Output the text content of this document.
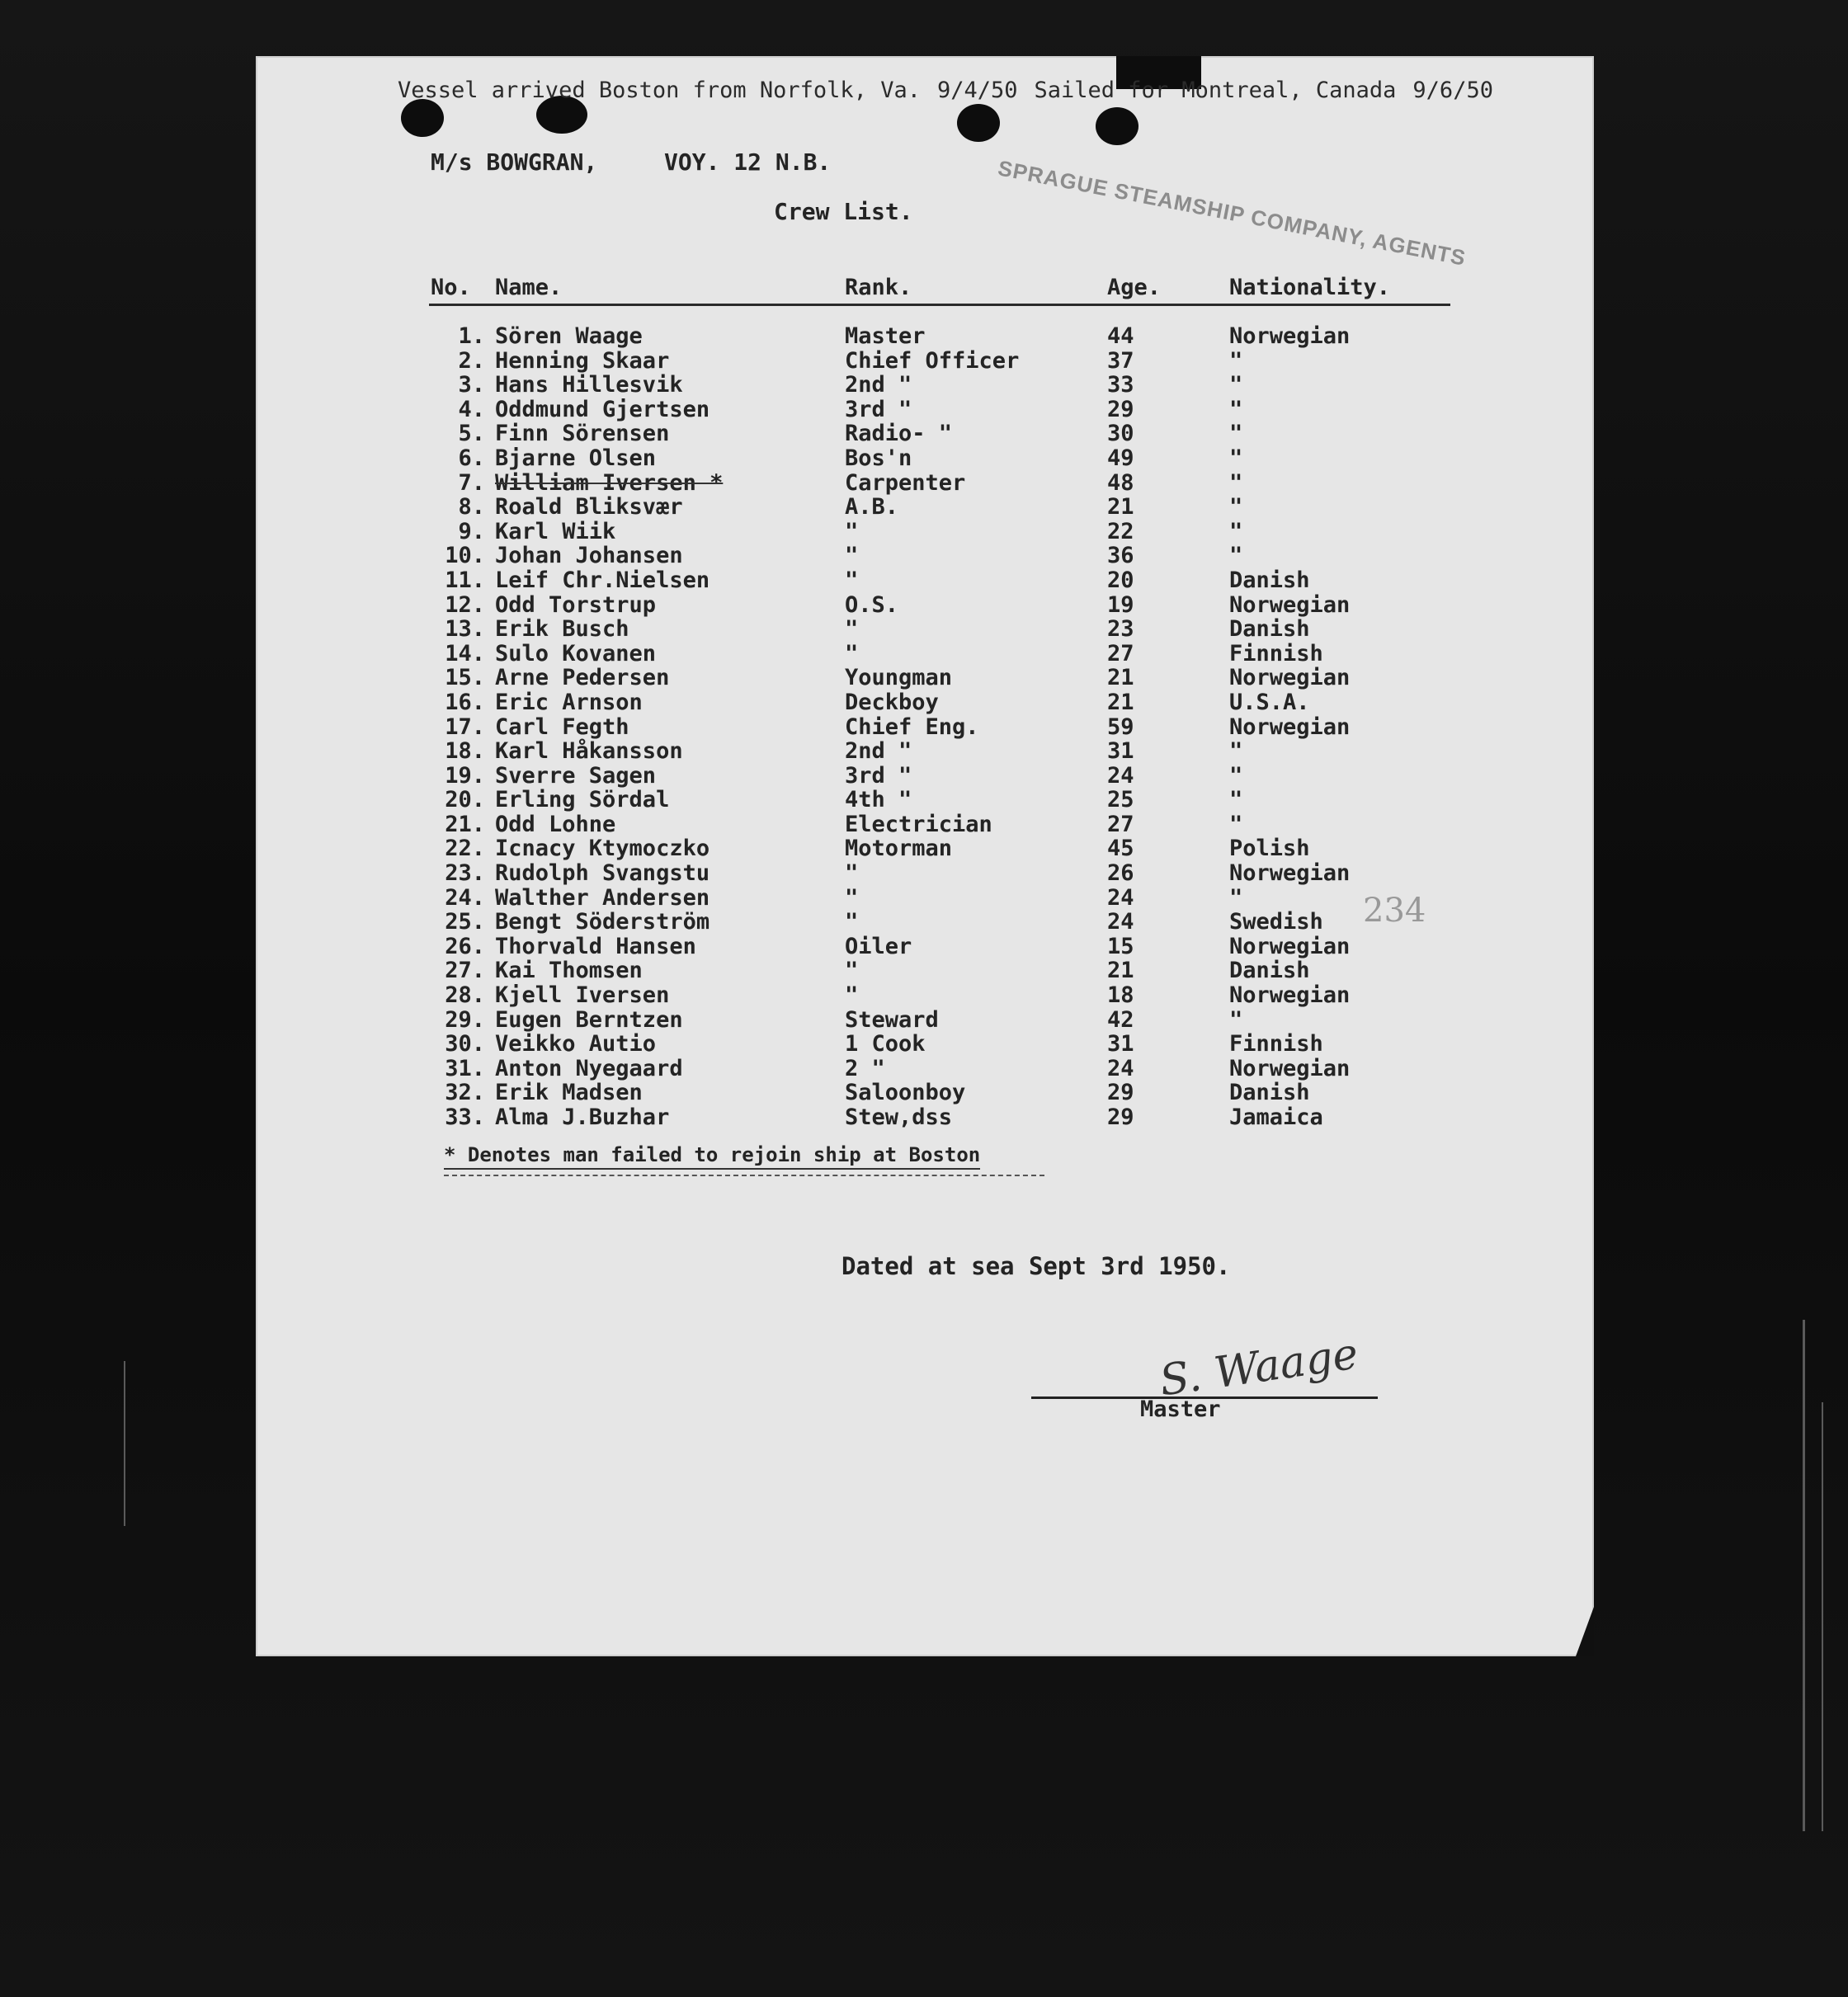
Vessel arrived Boston from Norfolk, Va. 9/4/50 Sailed for Montreal, Canada 9/6/50
M/s BOWGRAN,	VOY. 12 N.B.
Crew List.	SPRAGUE STEAMSHIP COMPANY, AGENTS
234
No.	Name.	Rank.	Age.	Nationality.
1.	Sören Waage	Master	44	Norwegian
2.	Henning Skaar	Chief Officer	37	"
3.	Hans Hillesvik	2nd "	33	"
4.	Oddmund Gjertsen	3rd "	29	"
5.	Finn Sörensen	Radio- "	30	"
6.	Bjarne Olsen	Bos'n	49	"
7.	William Iversen *	Carpenter	48	"
8.	Roald Bliksvær	A.B.	21	"
9.	Karl Wiik	"	22	"
10.	Johan Johansen	"	36	"
11.	Leif Chr.Nielsen	"	20	Danish
12.	Odd Torstrup	O.S.	19	Norwegian
13.	Erik Busch	"	23	Danish
14.	Sulo Kovanen	"	27	Finnish
15.	Arne Pedersen	Youngman	21	Norwegian
16.	Eric Arnson	Deckboy	21	U.S.A.
17.	Carl Fegth	Chief Eng.	59	Norwegian
18.	Karl Håkansson	2nd "	31	"
19.	Sverre Sagen	3rd "	24	"
20.	Erling Sördal	4th "	25	"
21.	Odd Lohne	Electrician	27	"
22.	Icnacy Ktymoczko	Motorman	45	Polish
23.	Rudolph Svangstu	"	26	Norwegian
24.	Walther Andersen	"	24	"
25.	Bengt Söderström	"	24	Swedish
26.	Thorvald Hansen	Oiler	15	Norwegian
27.	Kai Thomsen	"	21	Danish
28.	Kjell Iversen	"	18	Norwegian
29.	Eugen Berntzen	Steward	42	"
30.	Veikko Autio	1 Cook	31	Finnish
31.	Anton Nyegaard	2 "	24	Norwegian
32.	Erik Madsen	Saloonboy	29	Danish
33.	Alma J.Buzhar	Stew,dss	29	Jamaica
* Denotes man failed to rejoin ship at Boston
Dated at sea Sept 3rd 1950.
S. Waage
Master
